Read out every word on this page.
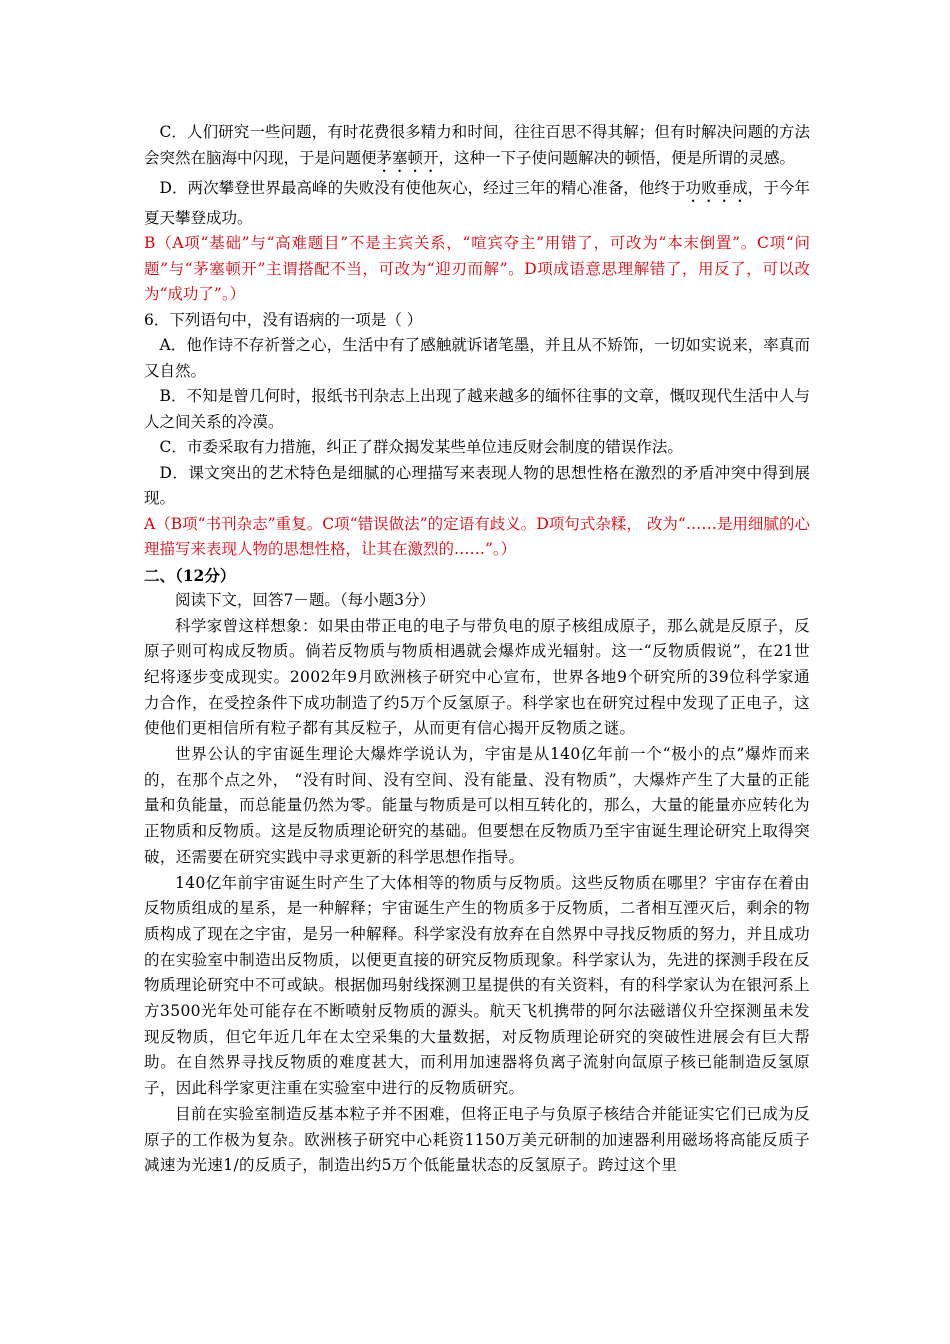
C．人们研究一些问题，有时花费很多精力和时间，往往百思不得其解；但有时解决问题的方法会突然在脑海中闪现，于是问题便茅塞顿开，这种一下子使问题解决的顿悟，便是所谓的灵感。

D．两次攀登世界最高峰的失败没有使他灰心，经过三年的精心准备，他终于功败垂成，于今年夏天攀登成功。

B（A项“基础”与“高难题目”不是主宾关系，“喧宾夺主”用错了，可改为“本末倒置”。C项“问题”与“茅塞顿开”主谓搭配不当，可改为“迎刃而解”。D项成语意思理解错了，用反了，可以改为“成功了”。）

6．下列语句中，没有语病的一项是（ ）

A．他作诗不存祈誉之心，生活中有了感触就诉诸笔墨，并且从不矫饰，一切如实说来，率真而又自然。

B．不知是曾几何时，报纸书刊杂志上出现了越来越多的缅怀往事的文章，慨叹现代生活中人与人之间关系的冷漠。

C．市委采取有力措施，纠正了群众揭发某些单位违反财会制度的错误作法。

D．课文突出的艺术特色是细腻的心理描写来表现人物的思想性格在激烈的矛盾冲突中得到展现。

A（B项“书刊杂志”重复。C项“错误做法”的定语有歧义。D项句式杂糅， 改为“……是用细腻的心理描写来表现人物的思想性格，让其在激烈的……”。）

二、（12分）

阅读下文，回答7－题。（每小题3分）

科学家曾这样想象：如果由带正电的电子与带负电的原子核组成原子，那么就是反原子，反原子则可构成反物质。倘若反物质与物质相遇就会爆炸成光辐射。这一“反物质假说”，在21世纪将逐步变成现实。2002年9月欧洲核子研究中心宣布，世界各地9个研究所的39位科学家通力合作，在受控条件下成功制造了约5万个反氢原子。科学家也在研究过程中发现了正电子，这使他们更相信所有粒子都有其反粒子，从而更有信心揭开反物质之谜。

世界公认的宇宙诞生理论大爆炸学说认为，宇宙是从140亿年前一个“极小的点”爆炸而来的，在那个点之外， “没有时间、没有空间、没有能量、没有物质”，大爆炸产生了大量的正能量和负能量，而总能量仍然为零。能量与物质是可以相互转化的，那么，大量的能量亦应转化为正物质和反物质。这是反物质理论研究的基础。但要想在反物质乃至宇宙诞生理论研究上取得突破，还需要在研究实践中寻求更新的科学思想作指导。

140亿年前宇宙诞生时产生了大体相等的物质与反物质。这些反物质在哪里？宇宙存在着由反物质组成的星系，是一种解释；宇宙诞生产生的物质多于反物质，二者相互湮灭后，剩余的物质构成了现在之宇宙，是另一种解释。科学家没有放弃在自然界中寻找反物质的努力，并且成功的在实验室中制造出反物质，以便更直接的研究反物质现象。科学家认为，先进的探测手段在反物质理论研究中不可或缺。根据伽玛射线探测卫星提供的有关资料，有的科学家认为在银河系上方3500光年处可能存在不断喷射反物质的源头。航天飞机携带的阿尔法磁谱仪升空探测虽未发现反物质，但它年近几年在太空采集的大量数据，对反物质理论研究的突破性进展会有巨大帮助。在自然界寻找反物质的难度甚大，而利用加速器将负离子流射向氙原子核已能制造反氢原子，因此科学家更注重在实验室中进行的反物质研究。

目前在实验室制造反基本粒子并不困难，但将正电子与负原子核结合并能证实它们已成为反原子的工作极为复杂。欧洲核子研究中心耗资1150万美元研制的加速器利用磁场将高能反质子减速为光速1/的反质子，制造出约5万个低能量状态的反氢原子。跨过这个里
